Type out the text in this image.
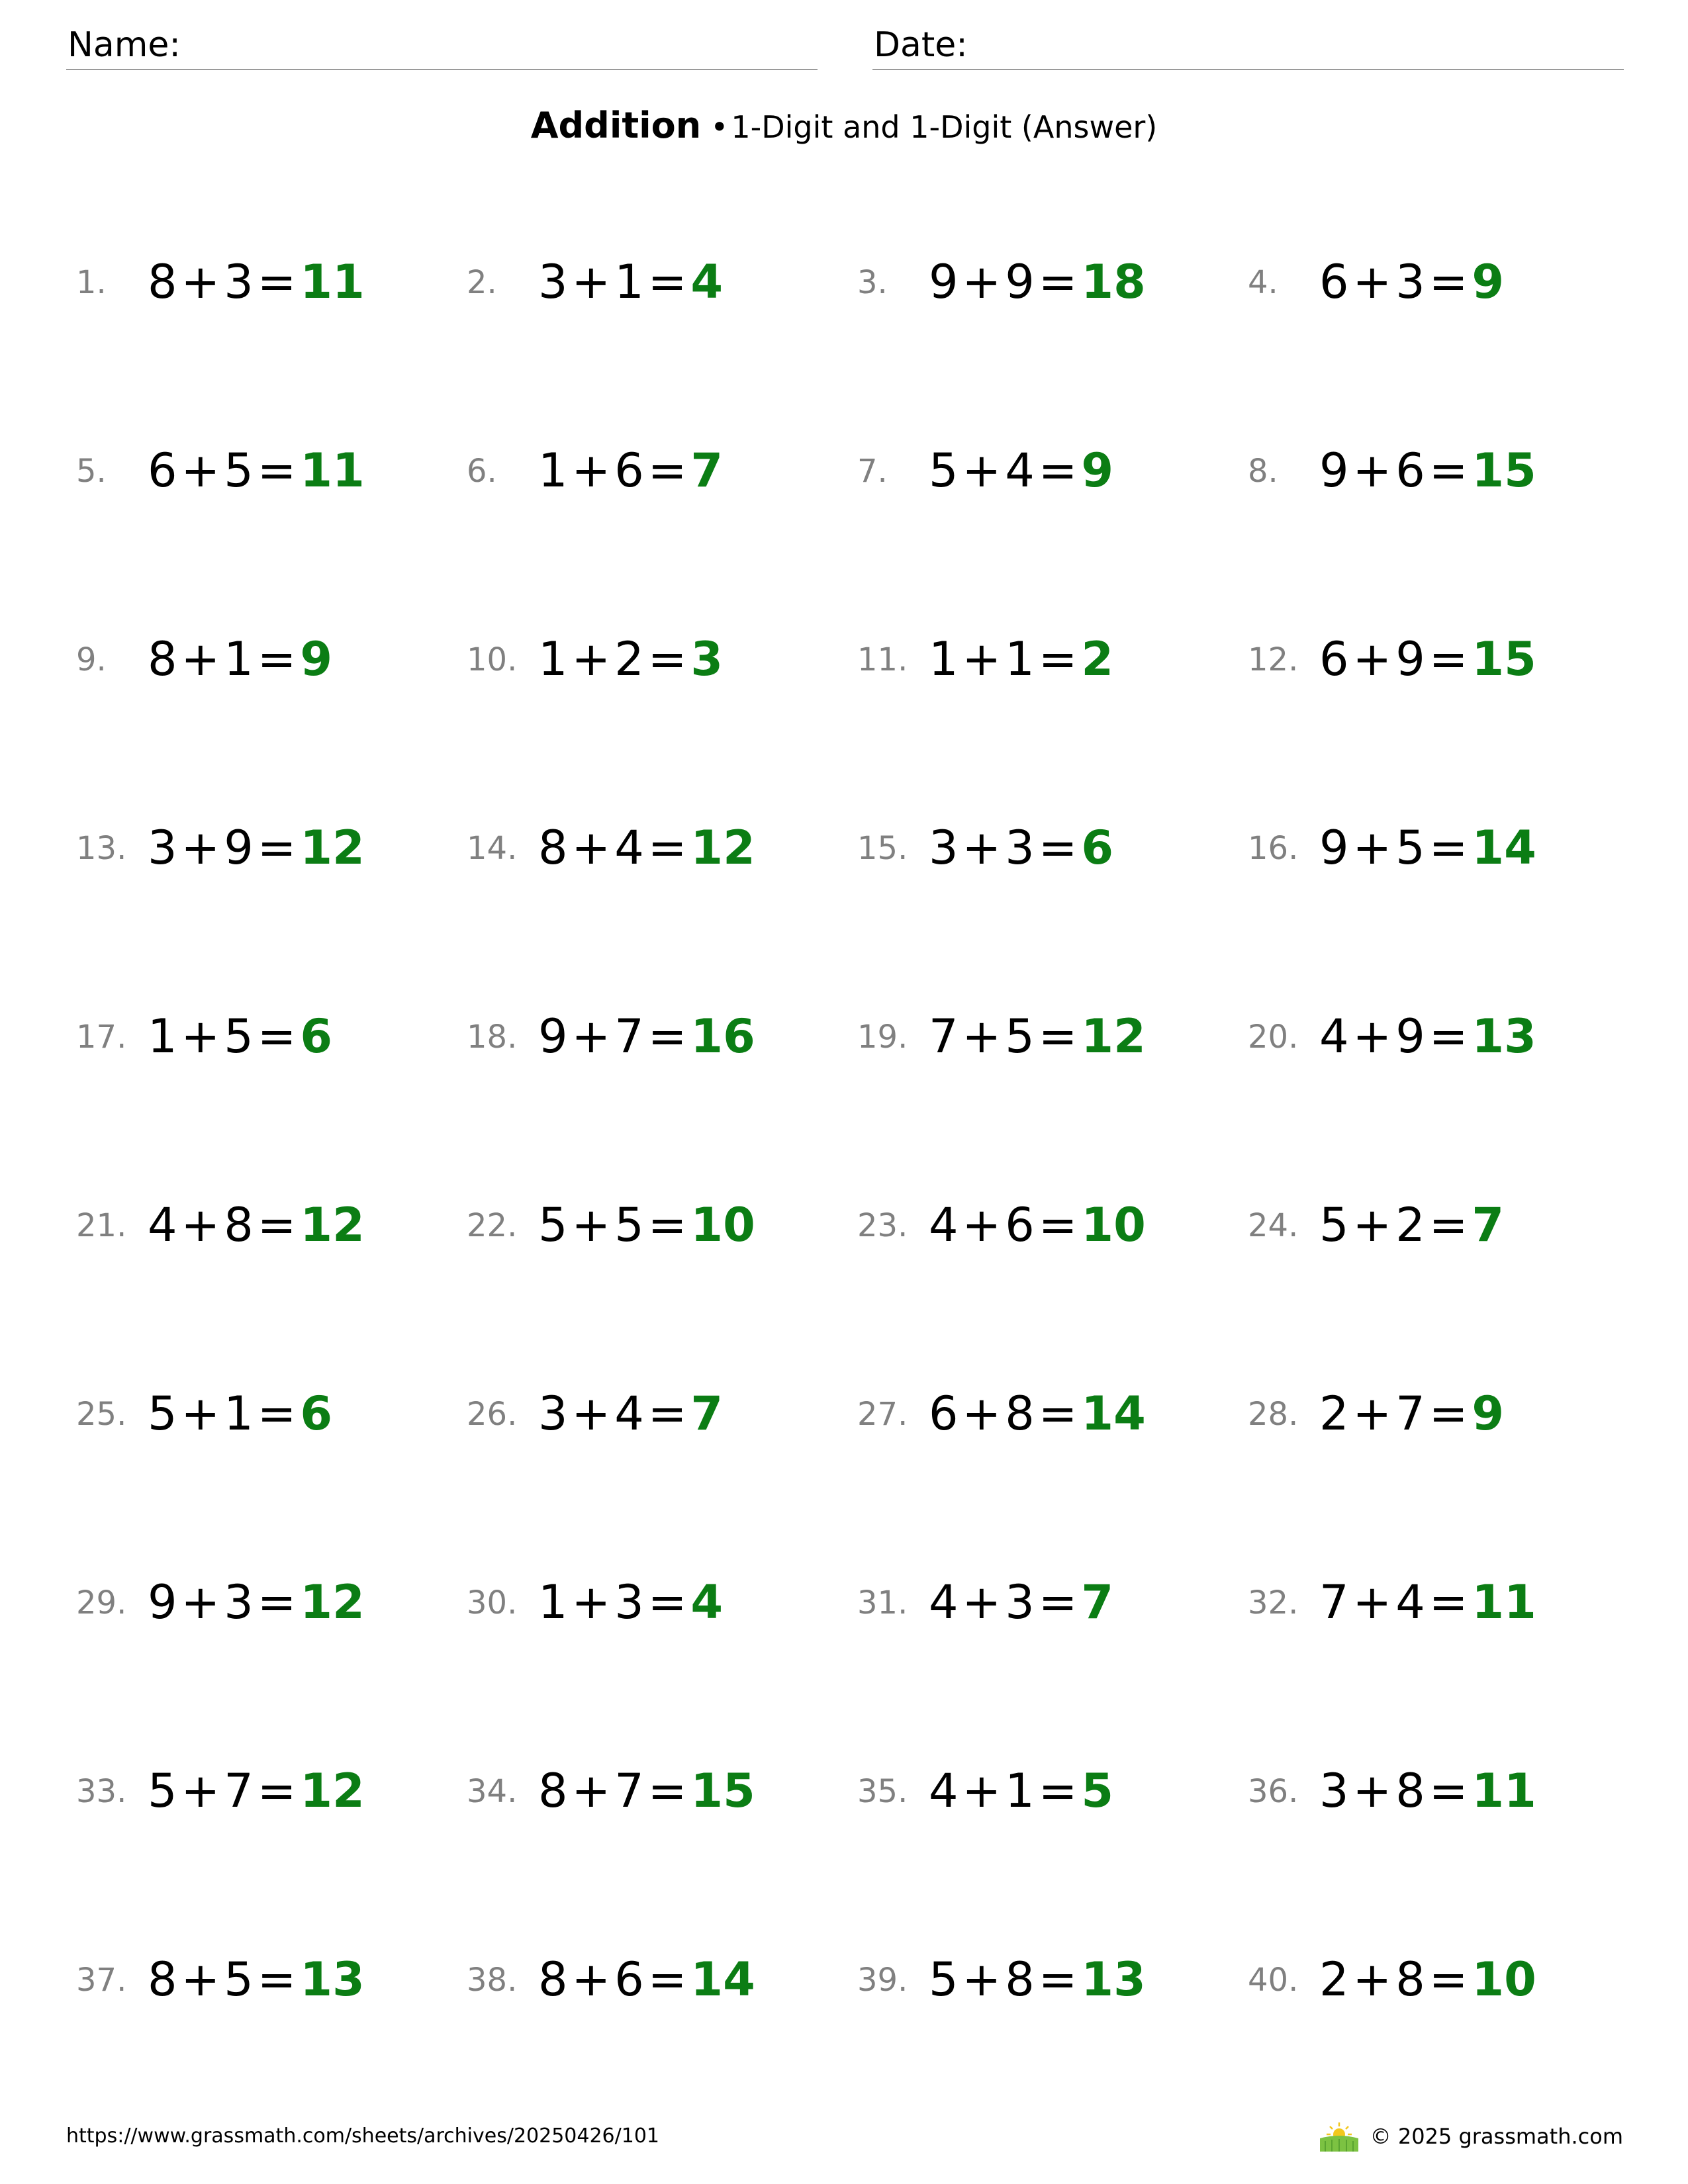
Name:	Date:
Addition •1-Digit and 1-Digit (Answer)
1. 8+3=11	2. 3+1=4	3. 9+9=18	4. 6+3=9
5. 6+5=11	6. 1+6=7	7. 5+4=9	8. 9+6=15
9. 8+1=9	10. 1+2=3	11. 1+1=2	12. 6+9=15
13. 3+9=12	14. 8+4=12	15. 3+3=6	16. 9+5=14
17. 1+5=6	18. 9+7=16	19. 7+5=12	20. 4+9=13
21. 4+8=12	22. 5+5=10	23. 4+6=10	24. 5+2=7
25. 5+1=6	26. 3+4=7	27. 6+8=14	28. 2+7=9
29. 9+3=12	30. 1+3=4	31. 4+3=7	32. 7+4=11
33. 5+7=12	34. 8+7=15	35. 4+1=5	36. 3+8=11
37. 8+5=13	38. 8+6=14	39. 5+8=13	40. 2+8=10
https://www.grassmath.com/sheets/archives/20250426/101	© 2025 grassmath.com
